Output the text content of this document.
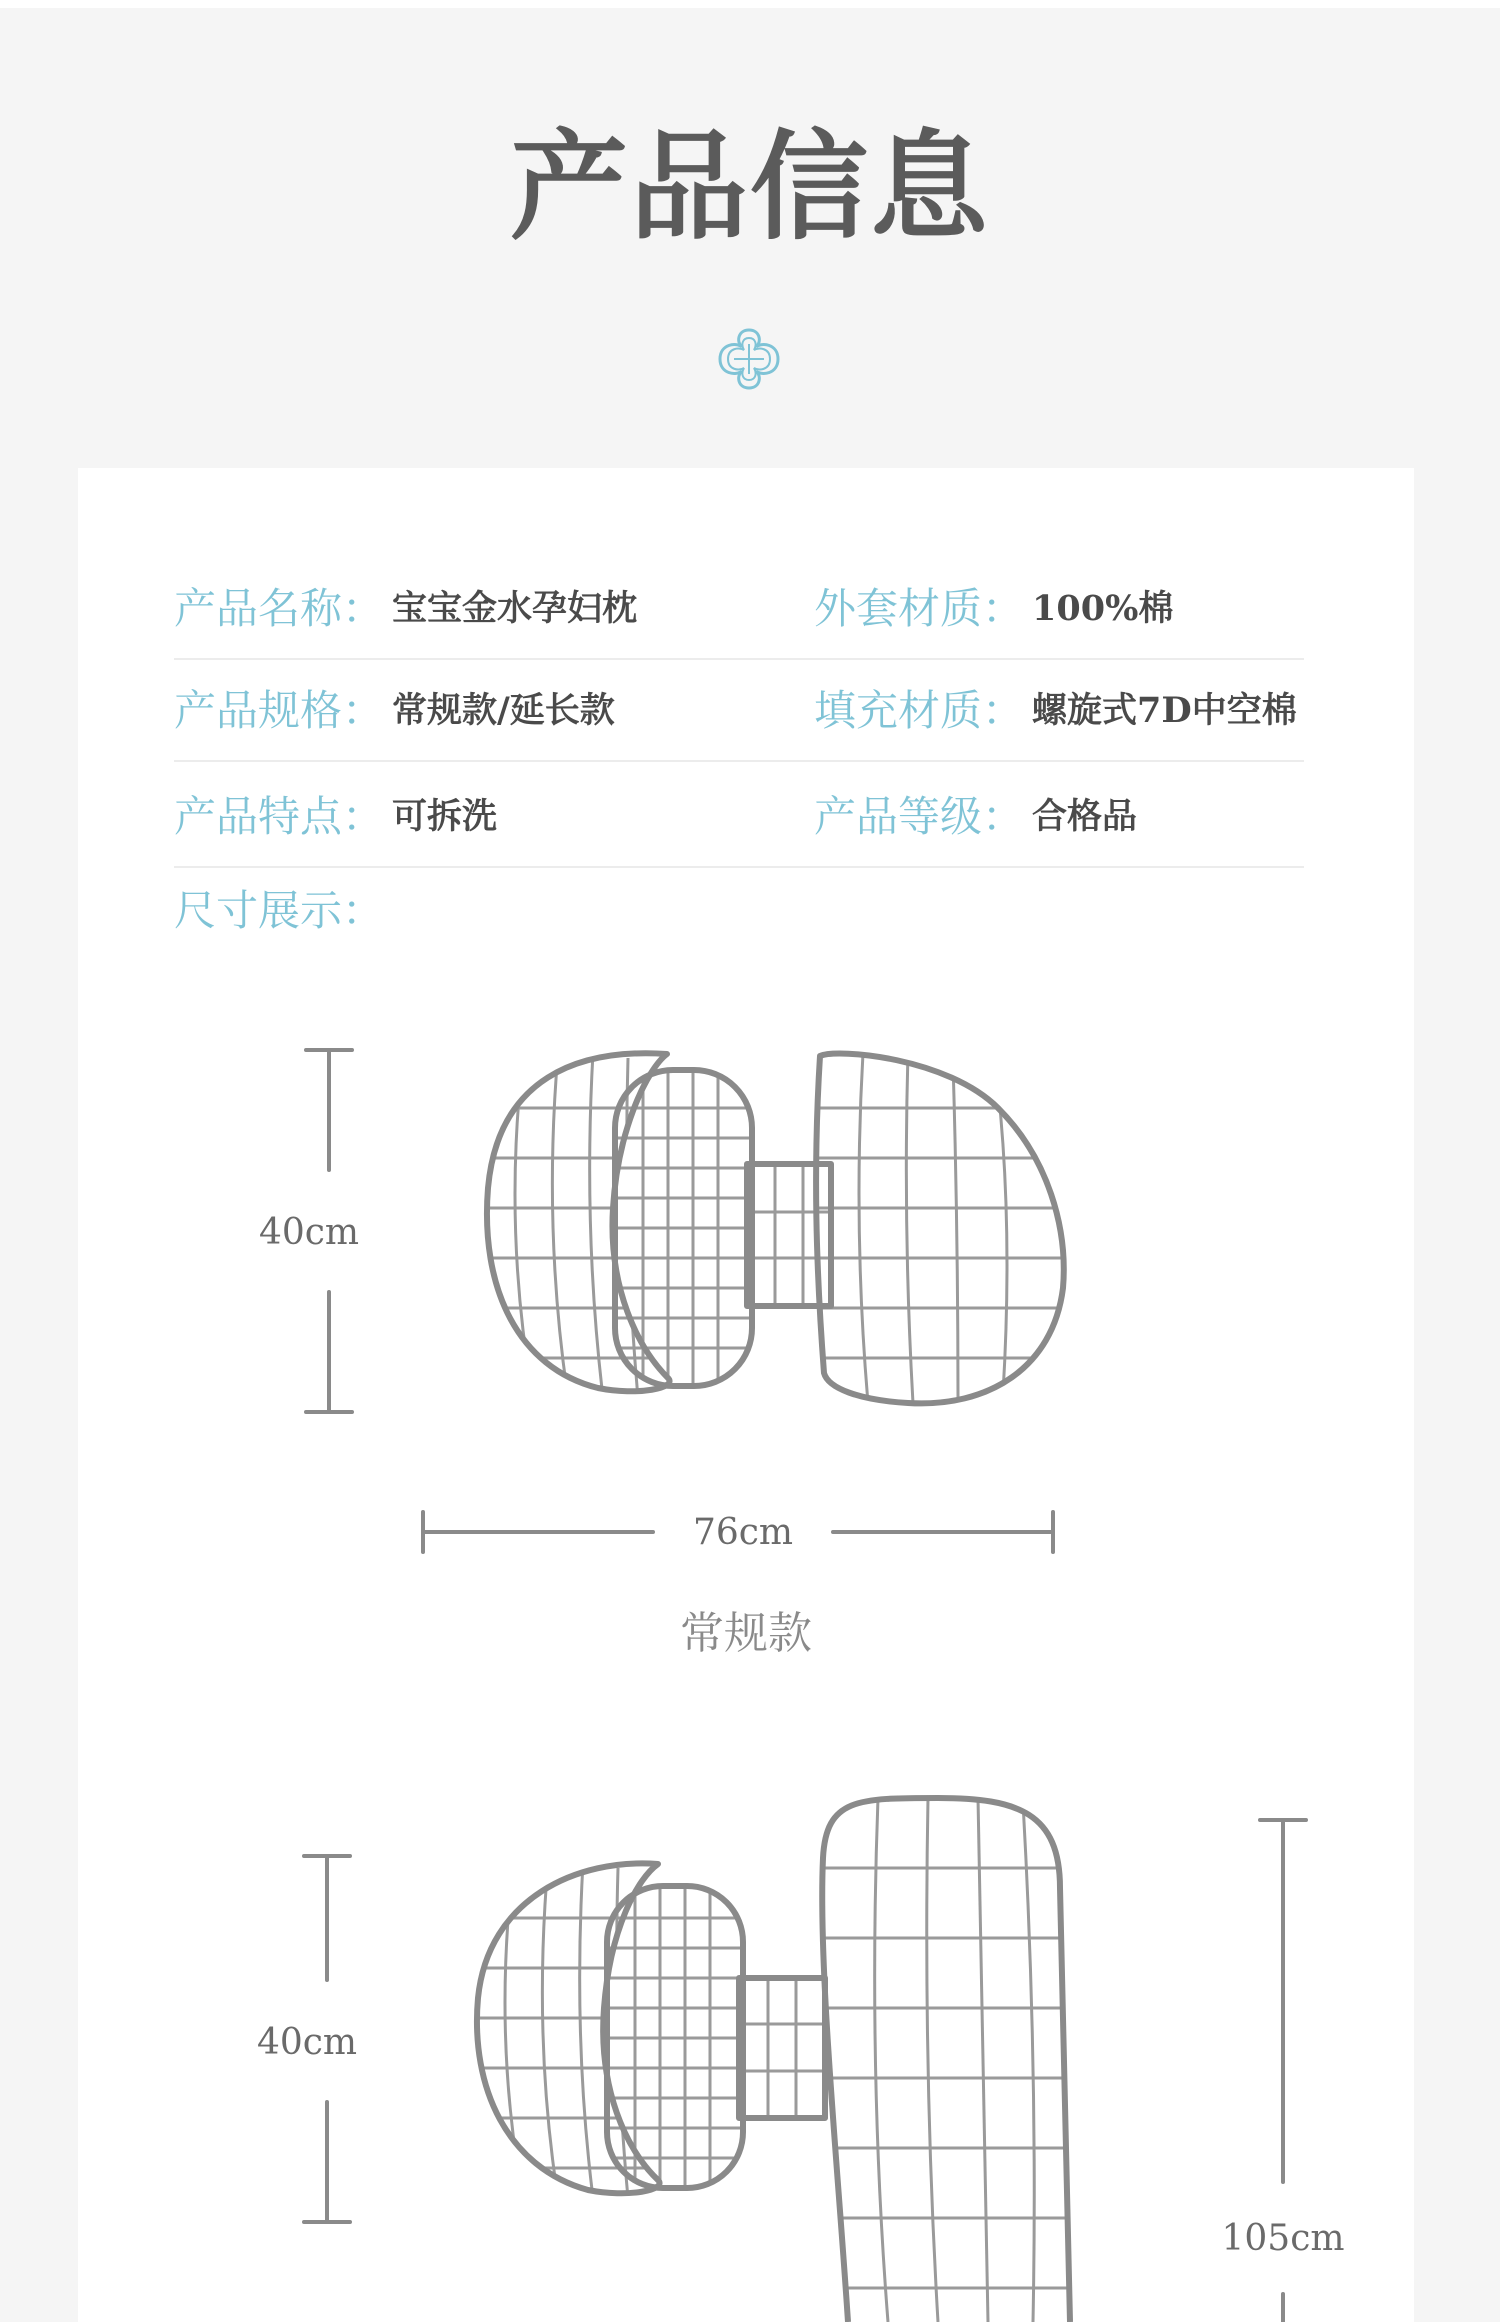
产品信息
产品名称： 宝宝金水孕妇枕	外套材质： 100%棉
产品规格： 常规款/延长款	填充材质： 螺旋式7D中空棉
产品特点： 可拆洗	产品等级： 合格品
尺寸展示：
40cm
76cm
常规款
40cm
105cm
